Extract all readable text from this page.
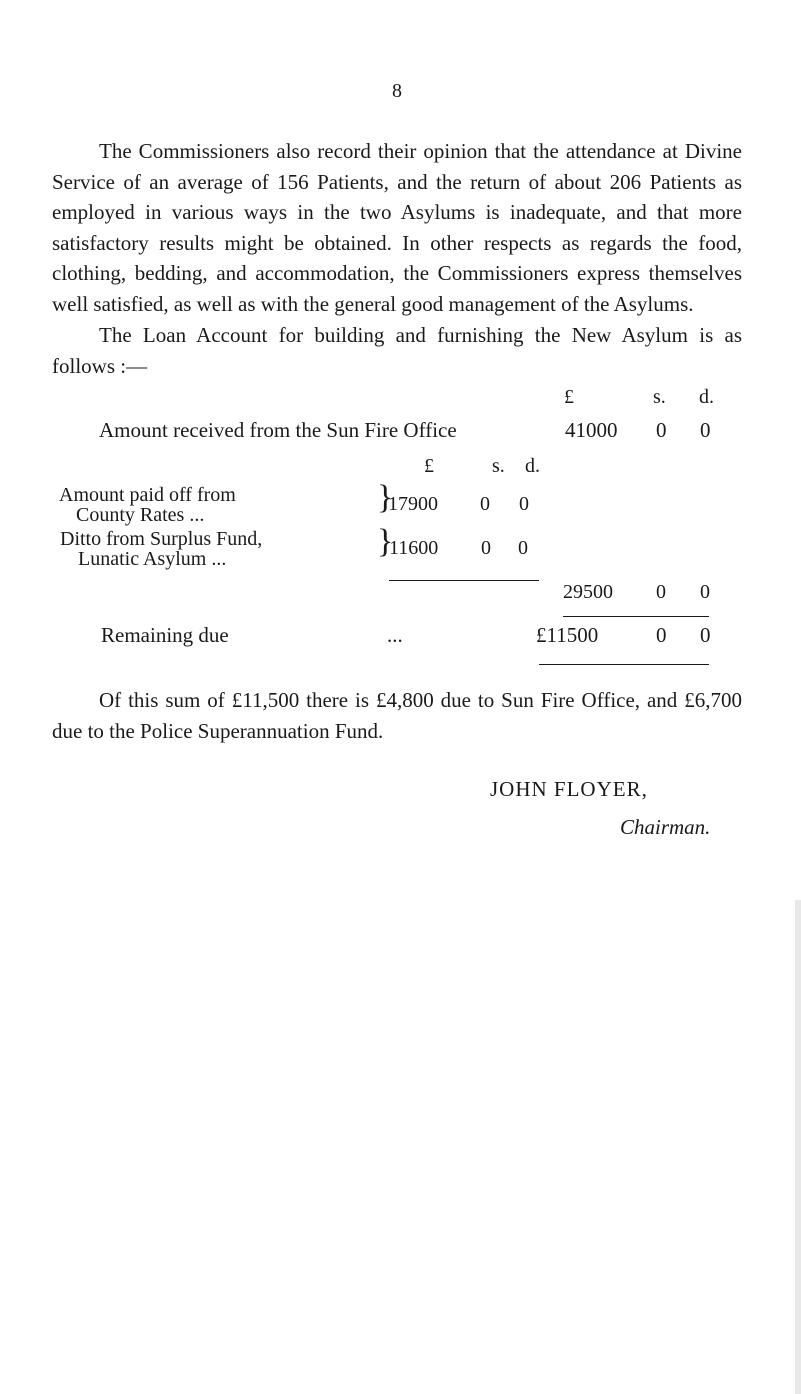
8

The Commissioners also record their opinion that the attendance at Divine Service of an average of 156 Patients, and the return of about 206 Patients as employed in various ways in the two Asylums is inadequate, and that more satisfactory results might be obtained. In other respects as regards the food, clothing, bedding, and accommodation, the Commissioners express themselves well satisfied, as well as with the general good management of the Asylums.

The Loan Account for building and furnishing the New Asylum is as follows :—

£	s. d.
Amount received from the Sun Fire Office	41000 0 0
£	s. d.
Amount paid off from
County Rates ...	}
17900 0 0
Ditto from Surplus Fund,
Lunatic Asylum ...	}
11600 0 0
29500 0 0
Remaining due	...	£11500	0 0

Of this sum of £11,500 there is £4,800 due to Sun Fire Office, and £6,700 due to the Police Superannuation Fund.

JOHN FLOYER,
Chairman.
